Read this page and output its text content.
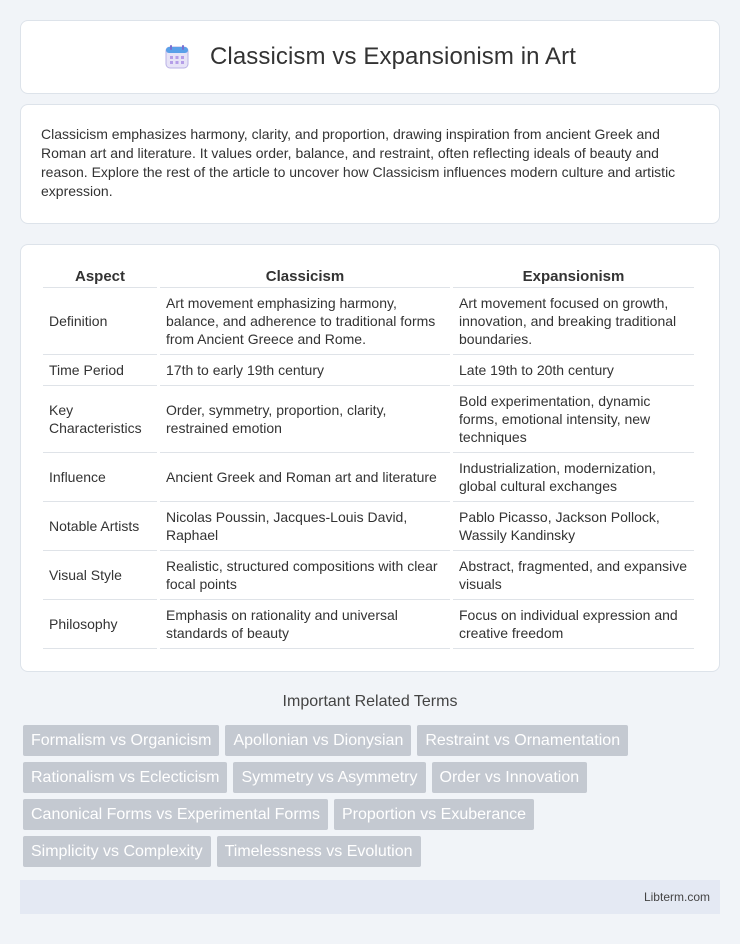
Classicism vs Expansionism in Art

Classicism emphasizes harmony, clarity, and proportion, drawing inspiration from ancient Greek and Roman art and literature. It values order, balance, and restraint, often reflecting ideals of beauty and reason. Explore the rest of the article to uncover how Classicism influences modern culture and artistic expression.

Aspect	Classicism	Expansionism
Definition	Art movement emphasizing harmony, balance, and adherence to traditional forms from Ancient Greece and Rome.	Art movement focused on growth, innovation, and breaking traditional boundaries.
Time Period	17th to early 19th century	Late 19th to 20th century
Key Characteristics	Order, symmetry, proportion, clarity, restrained emotion	Bold experimentation, dynamic forms, emotional intensity, new techniques
Influence	Ancient Greek and Roman art and literature	Industrialization, modernization, global cultural exchanges
Notable Artists	Nicolas Poussin, Jacques-Louis David, Raphael	Pablo Picasso, Jackson Pollock, Wassily Kandinsky
Visual Style	Realistic, structured compositions with clear focal points	Abstract, fragmented, and expansive visuals
Philosophy	Emphasis on rationality and universal standards of beauty	Focus on individual expression and creative freedom
Important Related Terms
Formalism vs Organicism	Apollonian vs Dionysian	Restraint vs Ornamentation
Rationalism vs Eclecticism	Symmetry vs Asymmetry	Order vs Innovation
Canonical Forms vs Experimental Forms	Proportion vs Exuberance
Simplicity vs Complexity	Timelessness vs Evolution
Libterm.com
